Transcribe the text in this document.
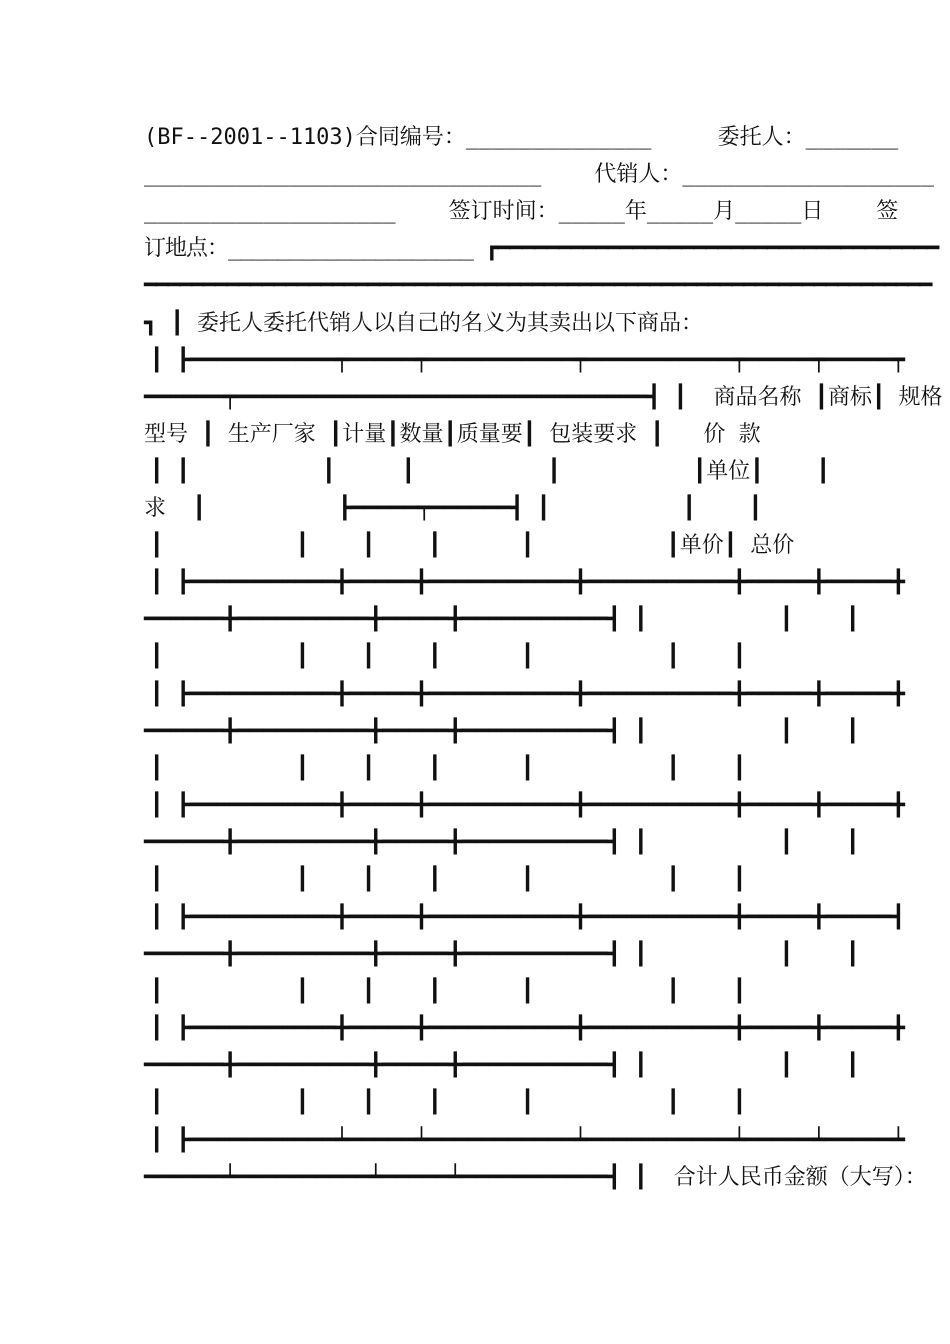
(BF--2001--1103)合同编号：______________     委托人：_______
______________________________    代销人：___________________
___________________    签订时间：_____年_____月_____日    签
订地点：____________________ ┏━━━━━━━━━━━━━━━━━━━━━━━━━━━━━━━━━━━━
━━━━━━━━━━━━━━━━━━━━━━━━━━━━━━━━━━━━━━━━━━━━━━━━━━━━━━━━━━━━━━━━━━━
┓ ┃ 委托人委托代销人以自己的名义为其卖出以下商品：
┃ ┣━━━━━━━━━━━┯━━━━━┯━━━━━━━━━━━┯━━━━━━━━━━━┯━━━━━┯━━━━━┯
━━━━━━┯━━━━━━━━━━━━━━━━━━━━━━━━━━━━━━━┫ ┃  商品名称 ┃商标┃ 规格
型号 ┃ 生产厂家 ┃计量┃数量┃质量要┃ 包装要求 ┃   价 款
┃ ┃          ┃     ┃          ┃          ┃单位┃    ┃
求  ┃          ┣━━━━━┯━━━━━━┫ ┃          ┃    ┃
┃          ┃    ┃    ┃      ┃          ┃单价┃ 总价
┃ ┣━━━━━━━━━━━╋━━━━━╋━━━━━━━━━━━╋━━━━━━━━━━━╋━━━━━╋━━━━━╋
━━━━━━╋━━━━━━━━━━╋━━━━━╋━━━━━━━━━━━┫ ┃          ┃    ┃
┃          ┃    ┃    ┃      ┃          ┃    ┃
┃ ┣━━━━━━━━━━━╋━━━━━╋━━━━━━━━━━━╋━━━━━━━━━━━╋━━━━━╋━━━━━╋
━━━━━━╋━━━━━━━━━━╋━━━━━╋━━━━━━━━━━━┫ ┃          ┃    ┃
┃          ┃    ┃    ┃      ┃          ┃    ┃
┃ ┣━━━━━━━━━━━╋━━━━━╋━━━━━━━━━━━╋━━━━━━━━━━━╋━━━━━╋━━━━━╋
━━━━━━╋━━━━━━━━━━╋━━━━━╋━━━━━━━━━━━┫ ┃          ┃    ┃
┃          ┃    ┃    ┃      ┃          ┃    ┃
┃ ┣━━━━━━━━━━━╋━━━━━╋━━━━━━━━━━━╋━━━━━━━━━━━╋━━━━━╋━━━━━┫
━━━━━━╋━━━━━━━━━━╋━━━━━╋━━━━━━━━━━━┫ ┃          ┃    ┃
┃          ┃    ┃    ┃      ┃          ┃    ┃
┃ ┣━━━━━━━━━━━╋━━━━━╋━━━━━━━━━━━╋━━━━━━━━━━━╋━━━━━╋━━━━━╋
━━━━━━╋━━━━━━━━━━╋━━━━━╋━━━━━━━━━━━┫ ┃          ┃    ┃
┃          ┃    ┃    ┃      ┃          ┃    ┃
┃ ┣━━━━━━━━━━━┷━━━━━┷━━━━━━━━━━━┷━━━━━━━━━━━┷━━━━━┷━━━━━┷
━━━━━━┷━━━━━━━━━━┷━━━━━┷━━━━━━━━━━━┫ ┃  合计人民币金额（大写）：
